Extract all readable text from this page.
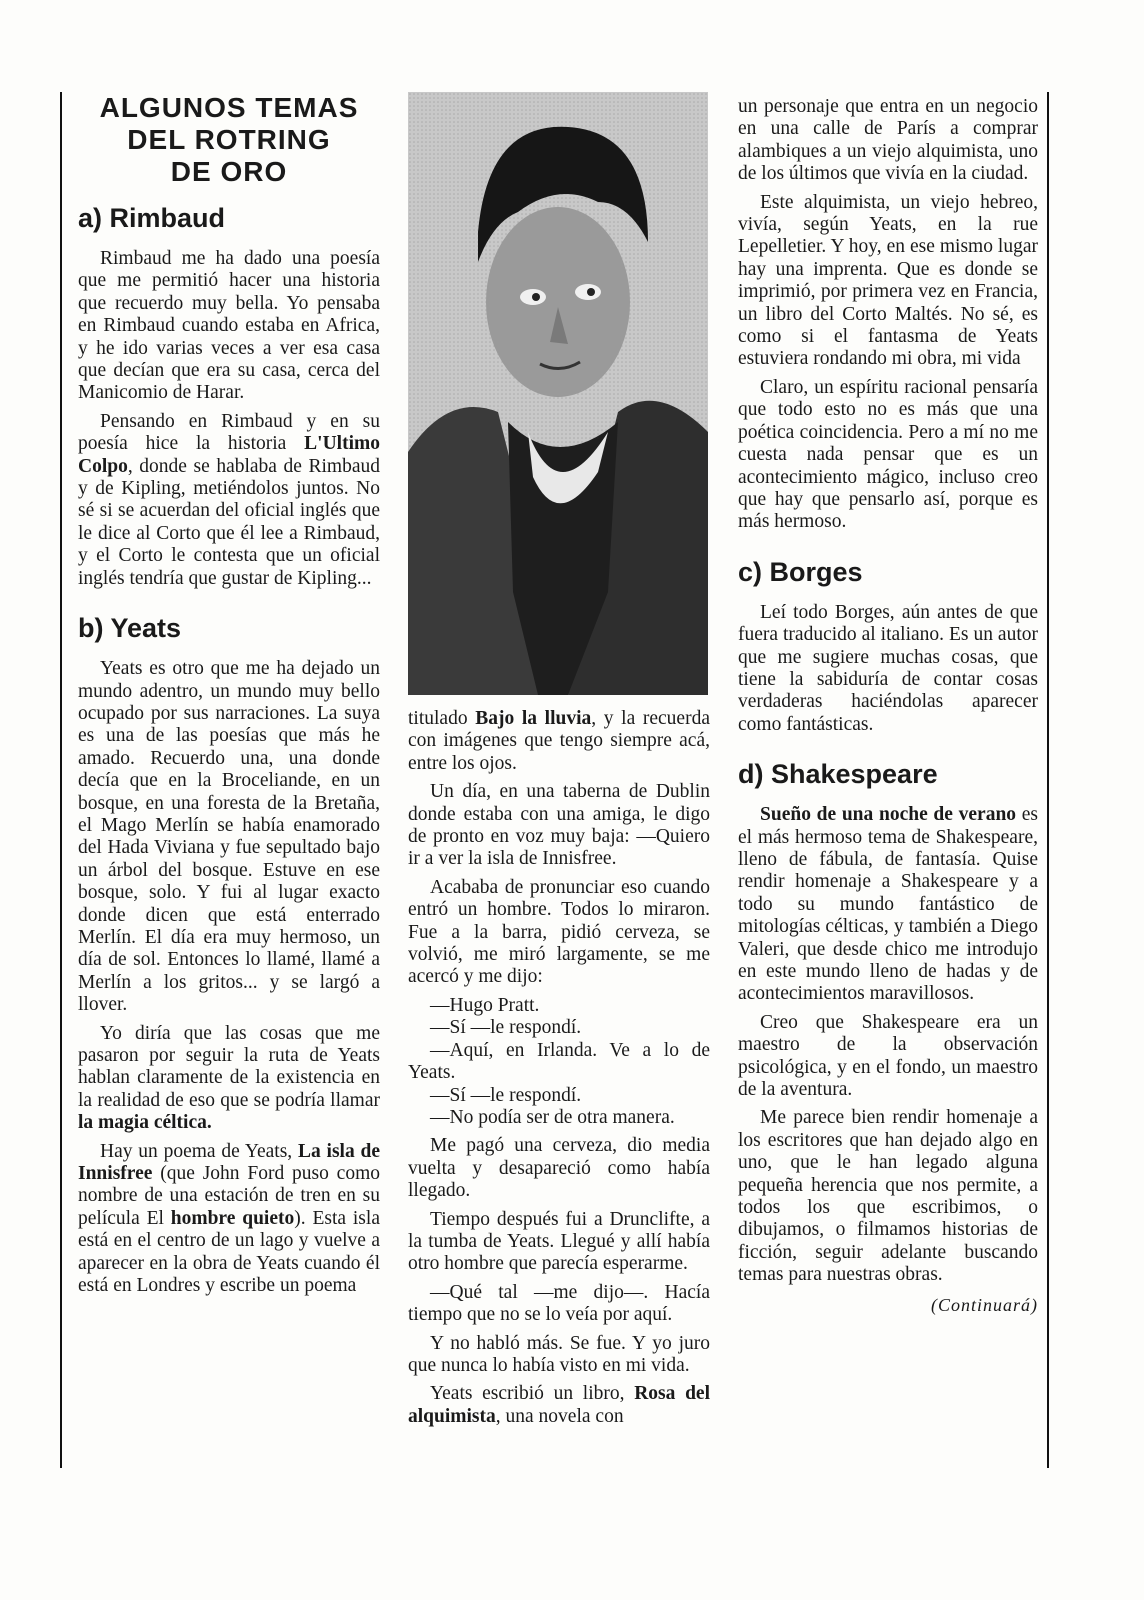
ALGUNOS TEMAS
DEL ROTRING
DE ORO
a) Rimbaud

Rimbaud me ha dado una poesía que me permitió hacer una historia que recuerdo muy bella. Yo pensaba en Rimbaud cuando estaba en Africa, y he ido varias veces a ver esa casa que decían que era su casa, cerca del Manicomio de Harar.

Pensando en Rimbaud y en su poesía hice la historia L'Ultimo Colpo, donde se hablaba de Rimbaud y de Kipling, metiéndolos juntos. No sé si se acuerdan del oficial inglés que le dice al Corto que él lee a Rimbaud, y el Corto le contesta que un oficial inglés tendría que gustar de Kipling...

b) Yeats

Yeats es otro que me ha dejado un mundo adentro, un mundo muy bello ocupado por sus narraciones. La suya es una de las poesías que más he amado. Recuerdo una, una donde decía que en la Broceliande, en un bosque, en una foresta de la Bretaña, el Mago Merlín se había enamorado del Hada Viviana y fue sepultado bajo un árbol del bosque. Estuve en ese bosque, solo. Y fui al lugar exacto donde dicen que está enterrado Merlín. El día era muy hermoso, un día de sol. Entonces lo llamé, llamé a Merlín a los gritos... y se largó a llover.

Yo diría que las cosas que me pasaron por seguir la ruta de Yeats hablan claramente de la existencia en la realidad de eso que se podría llamar la magia céltica.

Hay un poema de Yeats, La isla de Innisfree (que John Ford puso como nombre de una estación de tren en su película El hombre quieto). Esta isla está en el centro de un lago y vuelve a aparecer en la obra de Yeats cuando él está en Londres y escribe un poema

titulado Bajo la lluvia, y la recuerda con imágenes que tengo siempre acá, entre los ojos.

Un día, en una taberna de Dublin donde estaba con una amiga, le digo de pronto en voz muy baja: —Quiero ir a ver la isla de Innisfree.

Acababa de pronunciar eso cuando entró un hombre. Todos lo miraron. Fue a la barra, pidió cerveza, se volvió, me miró largamente, se me acercó y me dijo:

—Hugo Pratt.

—Sí —le respondí.

—Aquí, en Irlanda. Ve a lo de Yeats.

—Sí —le respondí.

—No podía ser de otra manera.

Me pagó una cerveza, dio media vuelta y desapareció como había llegado.

Tiempo después fui a Drunclifte, a la tumba de Yeats. Llegué y allí había otro hombre que parecía esperarme.

—Qué tal —me dijo—. Hacía tiempo que no se lo veía por aquí.

Y no habló más. Se fue. Y yo juro que nunca lo había visto en mi vida.

Yeats escribió un libro, Rosa del alquimista, una novela con

un personaje que entra en un negocio en una calle de París a comprar alambiques a un viejo alquimista, uno de los últimos que vivía en la ciudad.

Este alquimista, un viejo hebreo, vivía, según Yeats, en la rue Lepelletier. Y hoy, en ese mismo lugar hay una imprenta. Que es donde se imprimió, por primera vez en Francia, un libro del Corto Maltés. No sé, es como si el fantasma de Yeats estuviera rondando mi obra, mi vida

Claro, un espíritu racional pensaría que todo esto no es más que una poética coincidencia. Pero a mí no me cuesta nada pensar que es un acontecimiento mágico, incluso creo que hay que pensarlo así, porque es más hermoso.

c) Borges

Leí todo Borges, aún antes de que fuera traducido al italiano. Es un autor que me sugiere muchas cosas, que tiene la sabiduría de contar cosas verdaderas haciéndolas aparecer como fantásticas.

d) Shakespeare

Sueño de una noche de verano es el más hermoso tema de Shakespeare, lleno de fábula, de fantasía. Quise rendir homenaje a Shakespeare y a todo su mundo fantástico de mitologías célticas, y también a Diego Valeri, que desde chico me introdujo en este mundo lleno de hadas y de acontecimientos maravillosos.

Creo que Shakespeare era un maestro de la observación psicológica, y en el fondo, un maestro de la aventura.

Me parece bien rendir homenaje a los escritores que han dejado algo en uno, que le han legado alguna pequeña herencia que nos permite, a todos los que escribimos, o dibujamos, o filmamos historias de ficción, seguir adelante buscando temas para nuestras obras.

(Continuará)
